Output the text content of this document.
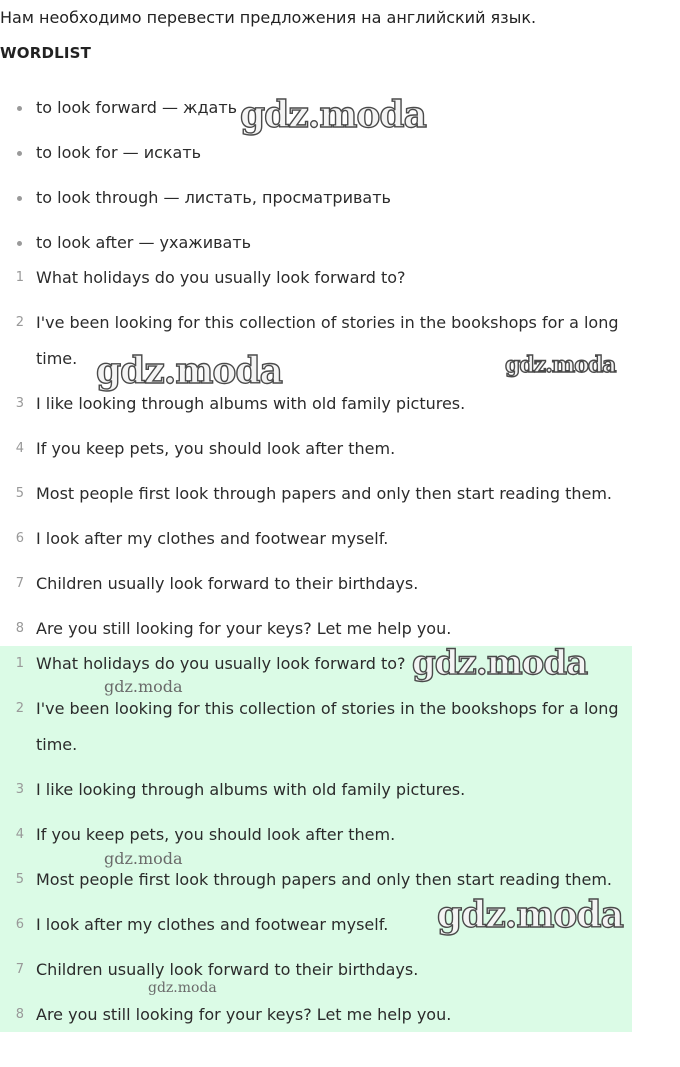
Нам необходимо перевести предложения на английский язык.
WORDLIST
to look forward — ждать
to look for — искать
to look through — листать, просматривать
to look after — ухаживать
1 What holidays do you usually look forward to?
2 I've been looking for this collection of stories in the bookshops for a long time.
3 I like looking through albums with old family pictures.
4 If you keep pets, you should look after them.
5 Most people first look through papers and only then start reading them.
6 I look after my clothes and footwear myself.
7 Children usually look forward to their birthdays.
8 Are you still looking for your keys? Let me help you.
1 What holidays do you usually look forward to?
2 I've been looking for this collection of stories in the bookshops for a long time.
3 I like looking through albums with old family pictures.
4 If you keep pets, you should look after them.
5 Most people first look through papers and only then start reading them.
6 I look after my clothes and footwear myself.
7 Children usually look forward to their birthdays.
8 Are you still looking for your keys? Let me help you.
gdz.moda
gdz.moda	gdz.moda
gdz.moda
gdz.moda
gdz.moda
gdz.moda
gdz.moda
